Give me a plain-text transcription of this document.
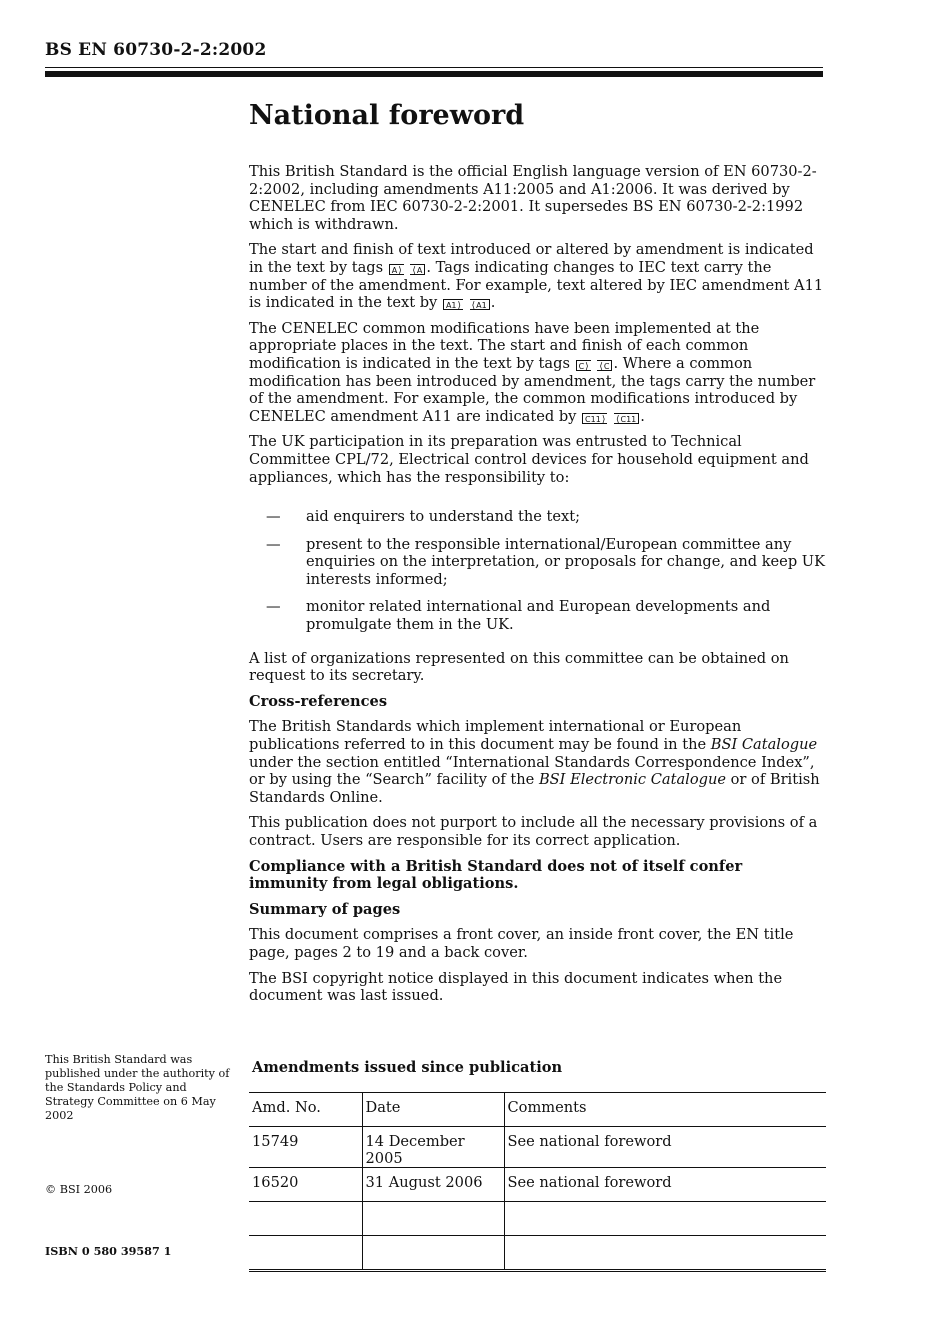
BS EN 60730-2-2:2002
National foreword

This British Standard is the official English language version of EN 60730-2-2:2002, including amendments A11:2005 and A1:2006. It was derived by CENELEC from IEC 60730-2-2:2001. It supersedes BS EN 60730-2-2:1992 which is withdrawn.

The start and finish of text introduced or altered by amendment is indicated in the text by tags A ⟩ ⟨ A . Tags indicating changes to IEC text carry the number of the amendment. For example, text altered by IEC amendment A11 is indicated in the text by A1 ⟩ ⟨ A1 .

The CENELEC common modifications have been implemented at the appropriate places in the text. The start and finish of each common modification is indicated in the text by tags C ⟩ ⟨ C . Where a common modification has been introduced by amendment, the tags carry the number of the amendment. For example, the common modifications introduced by CENELEC amendment A11 are indicated by C11 ⟩ ⟨ C11 .

The UK participation in its preparation was entrusted to Technical Committee CPL/72, Electrical control devices for household equipment and appliances, which has the responsibility to:

— aid enquirers to understand the text;
— present to the responsible international/European committee any enquiries on the interpretation, or proposals for change, and keep UK interests informed;
— monitor related international and European developments and promulgate them in the UK.

A list of organizations represented on this committee can be obtained on request to its secretary.

Cross-references

The British Standards which implement international or European publications referred to in this document may be found in the BSI Catalogue under the section entitled “International Standards Correspondence Index”, or by using the “Search” facility of the BSI Electronic Catalogue or of British Standards Online.

This publication does not purport to include all the necessary provisions of a contract. Users are responsible for its correct application.

Compliance with a British Standard does not of itself confer immunity from legal obligations.

Summary of pages

This document comprises a front cover, an inside front cover, the EN title page, pages 2 to 19 and a back cover.

The BSI copyright notice displayed in this document indicates when the document was last issued.

This British Standard was published under the authority of the Standards Policy and Strategy Committee on 6 May 2002
© BSI 2006
ISBN 0 580 39587 1
Amendments issued since publication
Amd. No.	Date	Comments
15749	14 December 2005	See national foreword
16520	31 August 2006	See national foreword
